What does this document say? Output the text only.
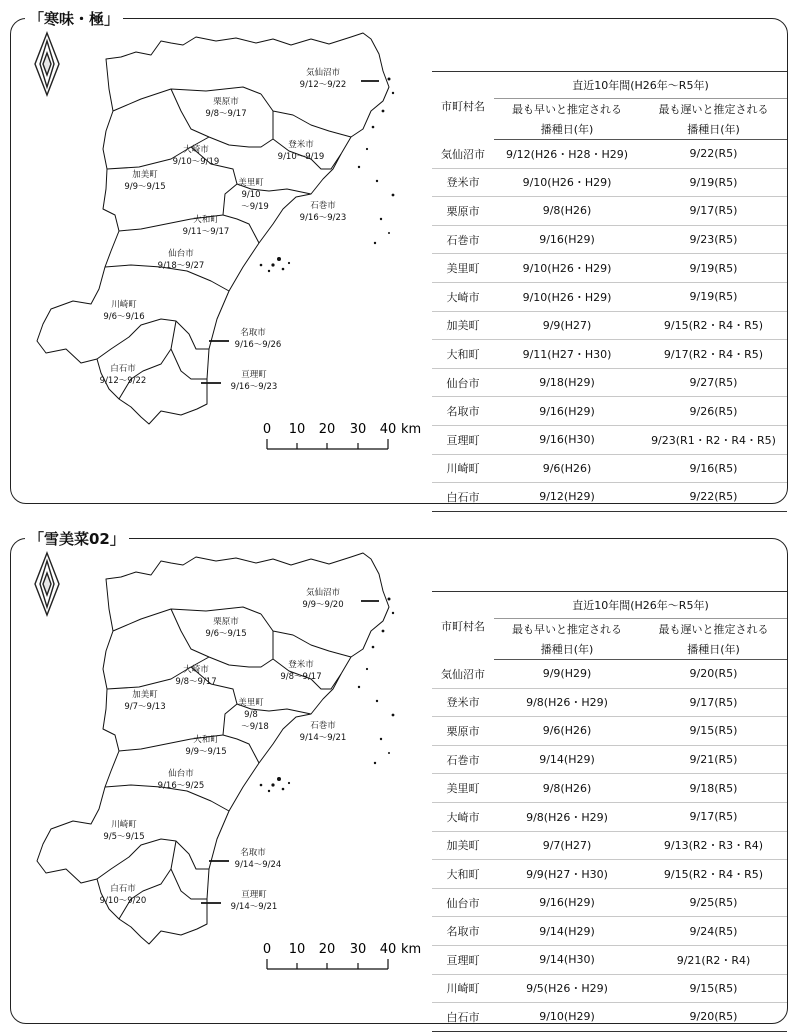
「寒味・極」
気仙沼市
9/12～9/22
栗原市
9/8～9/17
大崎市
9/10～9/19
登米市
9/10～9/19
加美町
9/9～9/15	美里町
9/10
～9/19	石巻市
9/16～9/23
大和町
9/11～9/17
仙台市
9/18～9/27
川崎町
9/6～9/16
名取市
9/16～9/26
白石市
9/12～9/22
亘理町
9/16～9/23
0 10 20 30 40 km
市町村名	直近10年間(H26年～R5年)	
	最も早いと推定される	最も遅いと推定される
	播種日(年)	播種日(年)
気仙沼市	9/12(H26・H28・H29)	9/22(R5)
登米市	9/10(H26・H29)	9/19(R5)
栗原市	9/8(H26)	9/17(R5)
石巻市	9/16(H29)	9/23(R5)
美里町	9/10(H26・H29)	9/19(R5)
大崎市	9/10(H26・H29)	9/19(R5)
加美町	9/9(H27)	9/15(R2・R4・R5)
大和町	9/11(H27・H30)	9/17(R2・R4・R5)
仙台市	9/18(H29)	9/27(R5)
名取市	9/16(H29)	9/26(R5)
亘理町	9/16(H30)	9/23(R1・R2・R4・R5)
川崎町	9/6(H26)	9/16(R5)
白石市	9/12(H29)	9/22(R5)
「雪美菜02」
気仙沼市
9/9～9/20
栗原市
9/6～9/15
大崎市
9/8～9/17
登米市
9/8～9/17
加美町
9/7～9/13	美里町
9/8
～9/18	石巻市
9/14～9/21
大和町
9/9～9/15
仙台市
9/16～9/25
川崎町
9/5～9/15
名取市
9/14～9/24
白石市
9/10～9/20
亘理町
9/14～9/21
0 10 20 30 40 km
市町村名	直近10年間(H26年～R5年)	
	最も早いと推定される	最も遅いと推定される
	播種日(年)	播種日(年)
気仙沼市	9/9(H29)	9/20(R5)
登米市	9/8(H26・H29)	9/17(R5)
栗原市	9/6(H26)	9/15(R5)
石巻市	9/14(H29)	9/21(R5)
美里町	9/8(H26)	9/18(R5)
大崎市	9/8(H26・H29)	9/17(R5)
加美町	9/7(H27)	9/13(R2・R3・R4)
大和町	9/9(H27・H30)	9/15(R2・R4・R5)
仙台市	9/16(H29)	9/25(R5)
名取市	9/14(H29)	9/24(R5)
亘理町	9/14(H30)	9/21(R2・R4)
川崎町	9/5(H26・H29)	9/15(R5)
白石市	9/10(H29)	9/20(R5)
